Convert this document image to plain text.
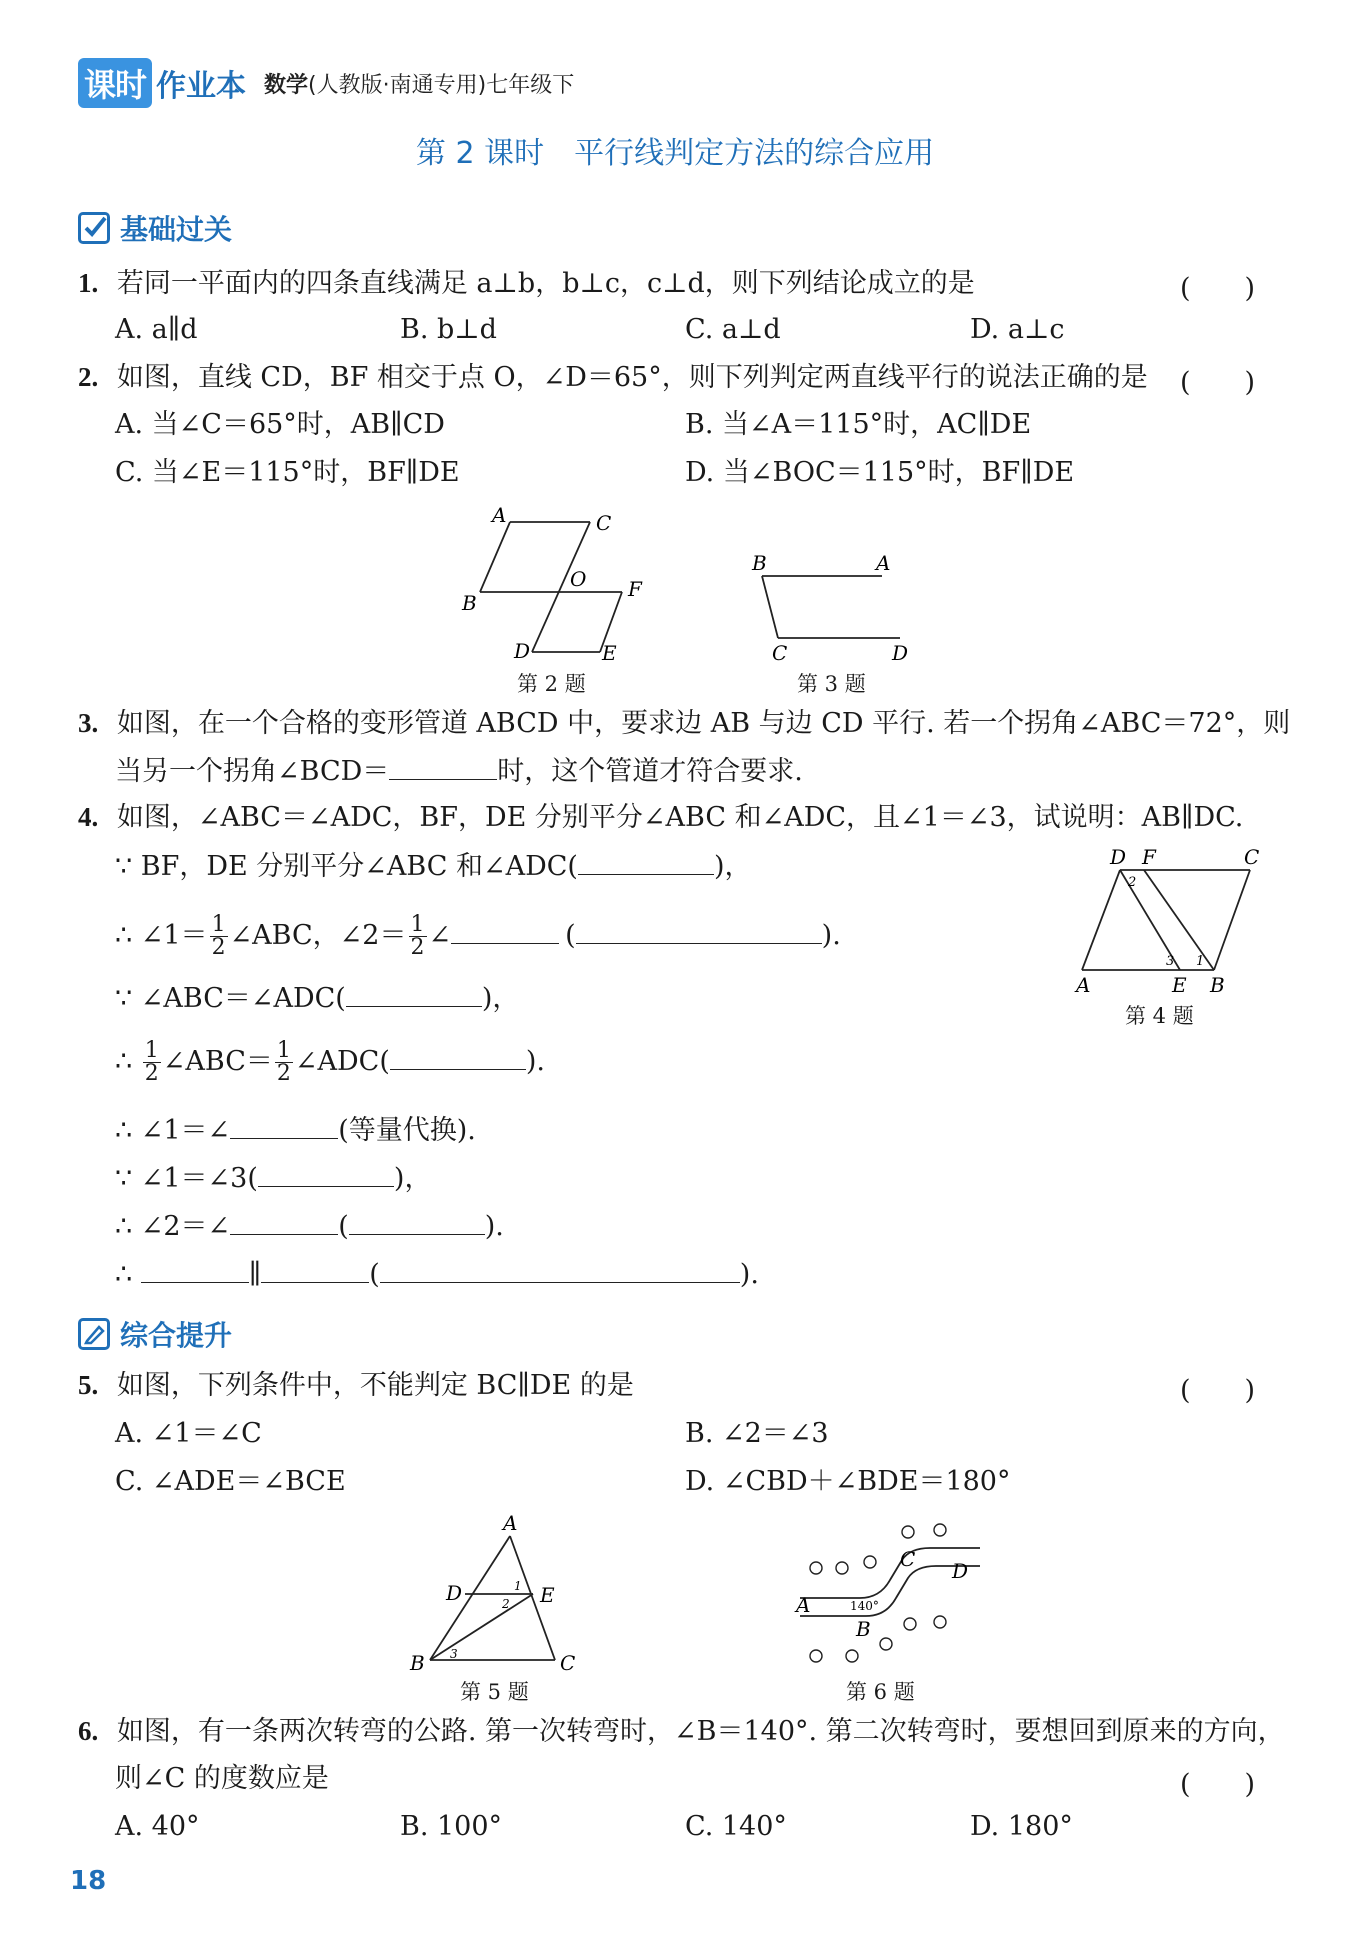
课时 作业本 数学(人教版·南通专用)七年级下
第 2 课时　平行线判定方法的综合应用
基础过关
1. 若同一平面内的四条直线满足 a⊥b，b⊥c，c⊥d，则下列结论成立的是	(　　)
A. a∥d	B. b⊥d	C. a⊥d	D. a⊥c
2. 如图，直线 CD，BF 相交于点 O，∠D＝65°，则下列判定两直线平行的说法正确的是 (　　)
A. 当∠C＝65°时，AB∥CD	B. 当∠A＝115°时，AC∥DE
C. 当∠E＝115°时，BF∥DE	D. 当∠BOC＝115°时，BF∥DE
A	C
B
O F
D	E
第 2 题
B	A
C	D
第 3 题
3. 如图，在一个合格的变形管道 ABCD 中，要求边 AB 与边 CD 平行. 若一个拐角∠ABC＝72°，则
当另一个拐角∠BCD＝	时，这个管道才符合要求.
4. 如图，∠ABC＝∠ADC，BF，DE 分别平分∠ABC 和∠ADC，且∠1＝∠3，试说明：AB∥DC.
∵ BF，DE 分别平分∠ABC 和∠ADC(	)，
∴ ∠1＝ $\frac{1}{2}$ ∠ABC，∠2＝ $\frac{1}{2}$ ∠	(	).
∵ ∠ABC＝∠ADC(	)，
∴ $\frac{1}{2}$ ∠ABC＝ $\frac{1}{2}$ ∠ADC(	).
∴ ∠1＝∠	(等量代换).
∵ ∠1＝∠3(	)，
∴ ∠2＝∠	(	).
∴	∥	(	).
D F	C
2
A
3
E
1
B
第 4 题
综合提升
5. 如图，下列条件中，不能判定 BC∥DE 的是	(　　)
A. ∠1＝∠C	B. ∠2＝∠3
C. ∠ADE＝∠BCE	D. ∠CBD＋∠BDE＝180°
A
D	1
2 E
B 3	C
第 5 题
C D
140°
A
B
第 6 题
6. 如图，有一条两次转弯的公路. 第一次转弯时，∠B＝140°. 第二次转弯时，要想回到原来的方向，
则∠C 的度数应是	(　　)
A. 40°	B. 100°	C. 140°	D. 180°
18
